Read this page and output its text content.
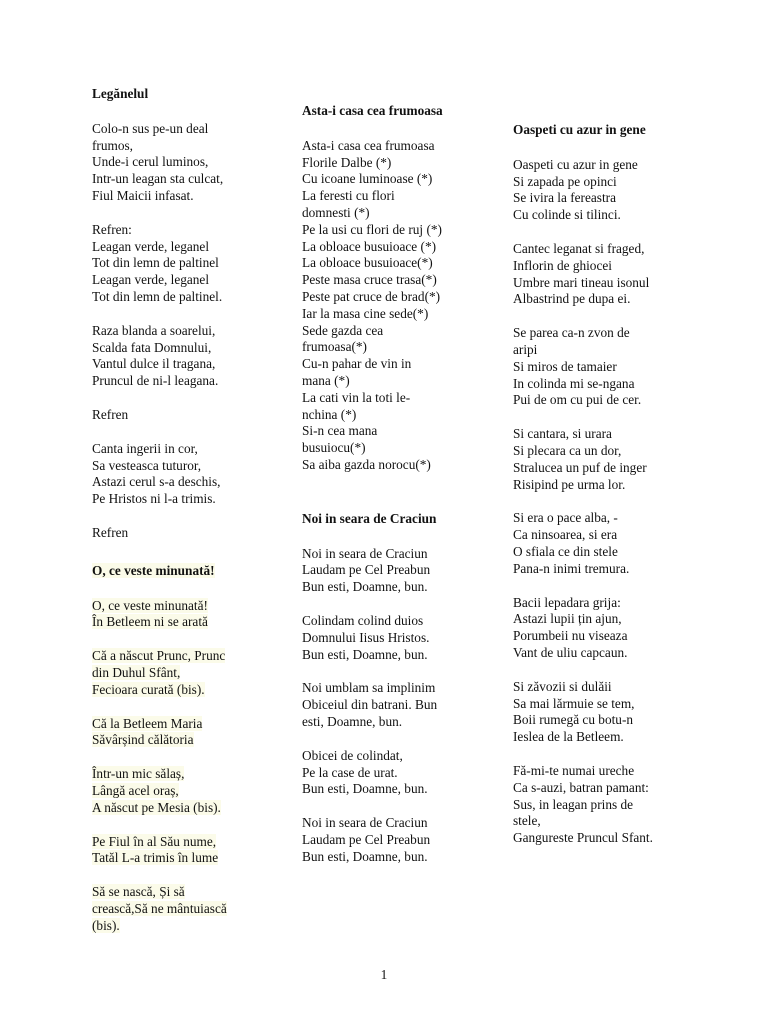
Legănelul
Colo-n sus pe-un deal
frumos,
Unde-i cerul luminos,
Intr-un leagan sta culcat,
Fiul Maicii infasat.
Refren:
Leagan verde, leganel
Tot din lemn de paltinel
Leagan verde, leganel
Tot din lemn de paltinel.
Raza blanda a soarelui,
Scalda fata Domnului,
Vantul dulce il tragana,
Pruncul de ni-l leagana.
Refren
Canta ingerii in cor,
Sa vesteasca tuturor,
Astazi cerul s-a deschis,
Pe Hristos ni l-a trimis.
Refren
O, ce veste minunată!
O, ce veste minunată!
În Betleem ni se arată
Că a născut Prunc, Prunc
din Duhul Sfânt,
Fecioara curată (bis).
Că la Betleem Maria
Săvârșind călătoria
Într-un mic sălaș,
Lângă acel oraș,
A născut pe Mesia (bis).
Pe Fiul în al Său nume,
Tatăl L-a trimis în lume
Să se nască, Și să
crească,Să ne mântuiască
(bis).
Asta-i casa cea frumoasa
Asta-i casa cea frumoasa
Florile Dalbe (*)
Cu icoane luminoase (*)
La feresti cu flori
domnesti (*)
Pe la usi cu flori de ruj (*)
La obloace busuioace (*)
La obloace busuioace(*)
Peste masa cruce trasa(*)
Peste pat cruce de brad(*)
Iar la masa cine sede(*)
Sede gazda cea
frumoasa(*)
Cu-n pahar de vin in
mana (*)
La cati vin la toti le-
nchina (*)
Si-n cea mana
busuiocu(*)
Sa aiba gazda norocu(*)
Noi in seara de Craciun
Noi in seara de Craciun
Laudam pe Cel Preabun
Bun esti, Doamne, bun.
Colindam colind duios
Domnului Iisus Hristos.
Bun esti, Doamne, bun.
Noi umblam sa implinim
Obiceiul din batrani. Bun
esti, Doamne, bun.
Obicei de colindat,
Pe la case de urat.
Bun esti, Doamne, bun.
Noi in seara de Craciun
Laudam pe Cel Preabun
Bun esti, Doamne, bun.
Oaspeti cu azur in gene
Oaspeti cu azur in gene
Si zapada pe opinci
Se ivira la fereastra
Cu colinde si tilinci.
Cantec leganat si fraged,
Inflorin de ghiocei
Umbre mari tineau isonul
Albastrind pe dupa ei.
Se parea ca-n zvon de
aripi
Si miros de tamaier
In colinda mi se-ngana
Pui de om cu pui de cer.
Si cantara, si urara
Si plecara ca un dor,
Stralucea un puf de inger
Risipind pe urma lor.
Si era o pace alba, -
Ca ninsoarea, si era
O sfiala ce din stele
Pana-n inimi tremura.
Bacii lepadara grija:
Astazi lupii țin ajun,
Porumbeii nu viseaza
Vant de uliu capcaun.
Si zăvozii si dulăii
Sa mai lărmuie se tem,
Boii rumegă cu botu-n
Ieslea de la Betleem.
Fă-mi-te numai ureche
Ca s-auzi, batran pamant:
Sus, in leagan prins de
stele,
Gangureste Pruncul Sfant.
1
